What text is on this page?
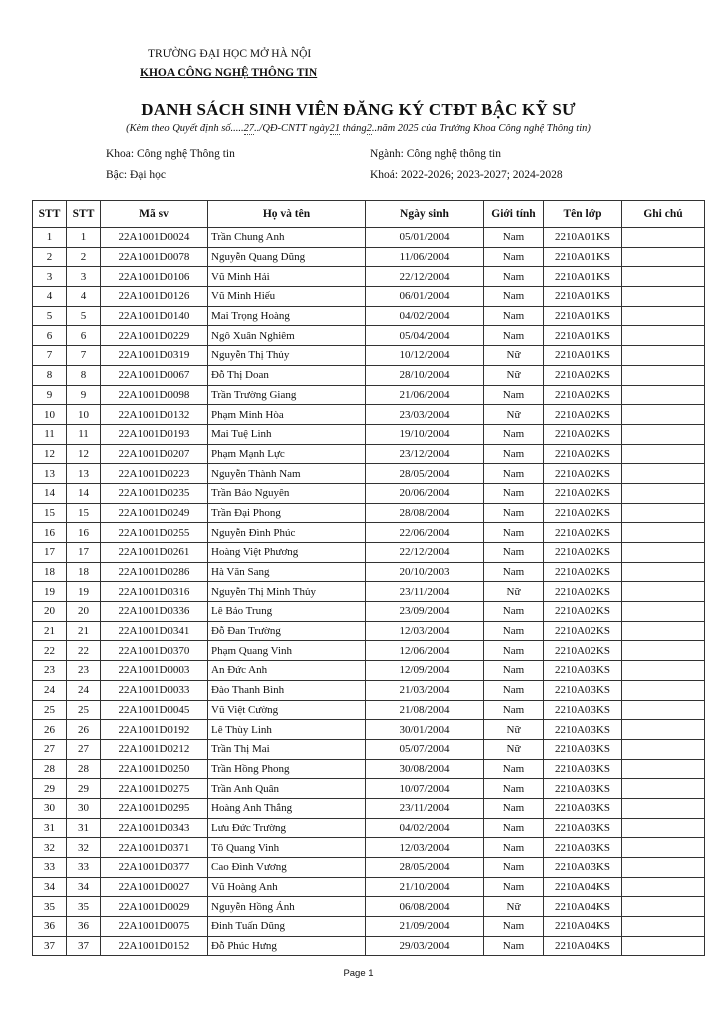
TRƯỜNG ĐẠI HỌC MỞ HÀ NỘI
KHOA CÔNG NGHỆ THÔNG TIN
DANH SÁCH SINH VIÊN ĐĂNG KÝ CTĐT BẬC KỸ SƯ
(Kèm theo Quyết định số.....27../QĐ-CNTT ngày21 tháng2..năm 2025 của Trưởng Khoa Công nghệ Thông tin)
Khoa: Công nghệ Thông tin	Ngành: Công nghệ thông tin
Bậc: Đại học	Khoá: 2022-2026; 2023-2027; 2024-2028
STT	STT	Mã sv	Họ và tên	Ngày sinh	Giới tính	Tên lớp	Ghi chú
1	1	22A1001D0024	Trần Chung Anh	05/01/2004	Nam	2210A01KS	
2	2	22A1001D0078	Nguyễn Quang Dũng	11/06/2004	Nam	2210A01KS	
3	3	22A1001D0106	Vũ Minh Hải	22/12/2004	Nam	2210A01KS	
4	4	22A1001D0126	Vũ Minh Hiếu	06/01/2004	Nam	2210A01KS	
5	5	22A1001D0140	Mai Trọng Hoàng	04/02/2004	Nam	2210A01KS	
6	6	22A1001D0229	Ngô Xuân Nghiêm	05/04/2004	Nam	2210A01KS	
7	7	22A1001D0319	Nguyễn Thị Thủy	10/12/2004	Nữ	2210A01KS	
8	8	22A1001D0067	Đỗ Thị Doan	28/10/2004	Nữ	2210A02KS	
9	9	22A1001D0098	Trần Trường Giang	21/06/2004	Nam	2210A02KS	
10	10	22A1001D0132	Phạm Minh Hòa	23/03/2004	Nữ	2210A02KS	
11	11	22A1001D0193	Mai Tuệ Linh	19/10/2004	Nam	2210A02KS	
12	12	22A1001D0207	Phạm Mạnh Lực	23/12/2004	Nam	2210A02KS	
13	13	22A1001D0223	Nguyễn Thành Nam	28/05/2004	Nam	2210A02KS	
14	14	22A1001D0235	Trần Bảo Nguyên	20/06/2004	Nam	2210A02KS	
15	15	22A1001D0249	Trần Đại Phong	28/08/2004	Nam	2210A02KS	
16	16	22A1001D0255	Nguyễn Đình Phúc	22/06/2004	Nam	2210A02KS	
17	17	22A1001D0261	Hoàng Việt Phương	22/12/2004	Nam	2210A02KS	
18	18	22A1001D0286	Hà Văn Sang	20/10/2003	Nam	2210A02KS	
19	19	22A1001D0316	Nguyễn Thị Minh Thủy	23/11/2004	Nữ	2210A02KS	
20	20	22A1001D0336	Lê Bảo Trung	23/09/2004	Nam	2210A02KS	
21	21	22A1001D0341	Đỗ Đan Trường	12/03/2004	Nam	2210A02KS	
22	22	22A1001D0370	Phạm Quang Vinh	12/06/2004	Nam	2210A02KS	
23	23	22A1001D0003	An Đức Anh	12/09/2004	Nam	2210A03KS	
24	24	22A1001D0033	Đào Thanh Bình	21/03/2004	Nam	2210A03KS	
25	25	22A1001D0045	Vũ Việt Cường	21/08/2004	Nam	2210A03KS	
26	26	22A1001D0192	Lê Thùy Linh	30/01/2004	Nữ	2210A03KS	
27	27	22A1001D0212	Trần Thị Mai	05/07/2004	Nữ	2210A03KS	
28	28	22A1001D0250	Trần Hồng Phong	30/08/2004	Nam	2210A03KS	
29	29	22A1001D0275	Trần Anh Quân	10/07/2004	Nam	2210A03KS	
30	30	22A1001D0295	Hoàng Anh Thắng	23/11/2004	Nam	2210A03KS	
31	31	22A1001D0343	Lưu Đức Trường	04/02/2004	Nam	2210A03KS	
32	32	22A1001D0371	Tô Quang Vinh	12/03/2004	Nam	2210A03KS	
33	33	22A1001D0377	Cao Đình Vương	28/05/2004	Nam	2210A03KS	
34	34	22A1001D0027	Vũ Hoàng Anh	21/10/2004	Nam	2210A04KS	
35	35	22A1001D0029	Nguyễn Hồng Ánh	06/08/2004	Nữ	2210A04KS	
36	36	22A1001D0075	Đinh Tuấn Dũng	21/09/2004	Nam	2210A04KS	
37	37	22A1001D0152	Đỗ Phúc Hưng	29/03/2004	Nam	2210A04KS	
Page 1
